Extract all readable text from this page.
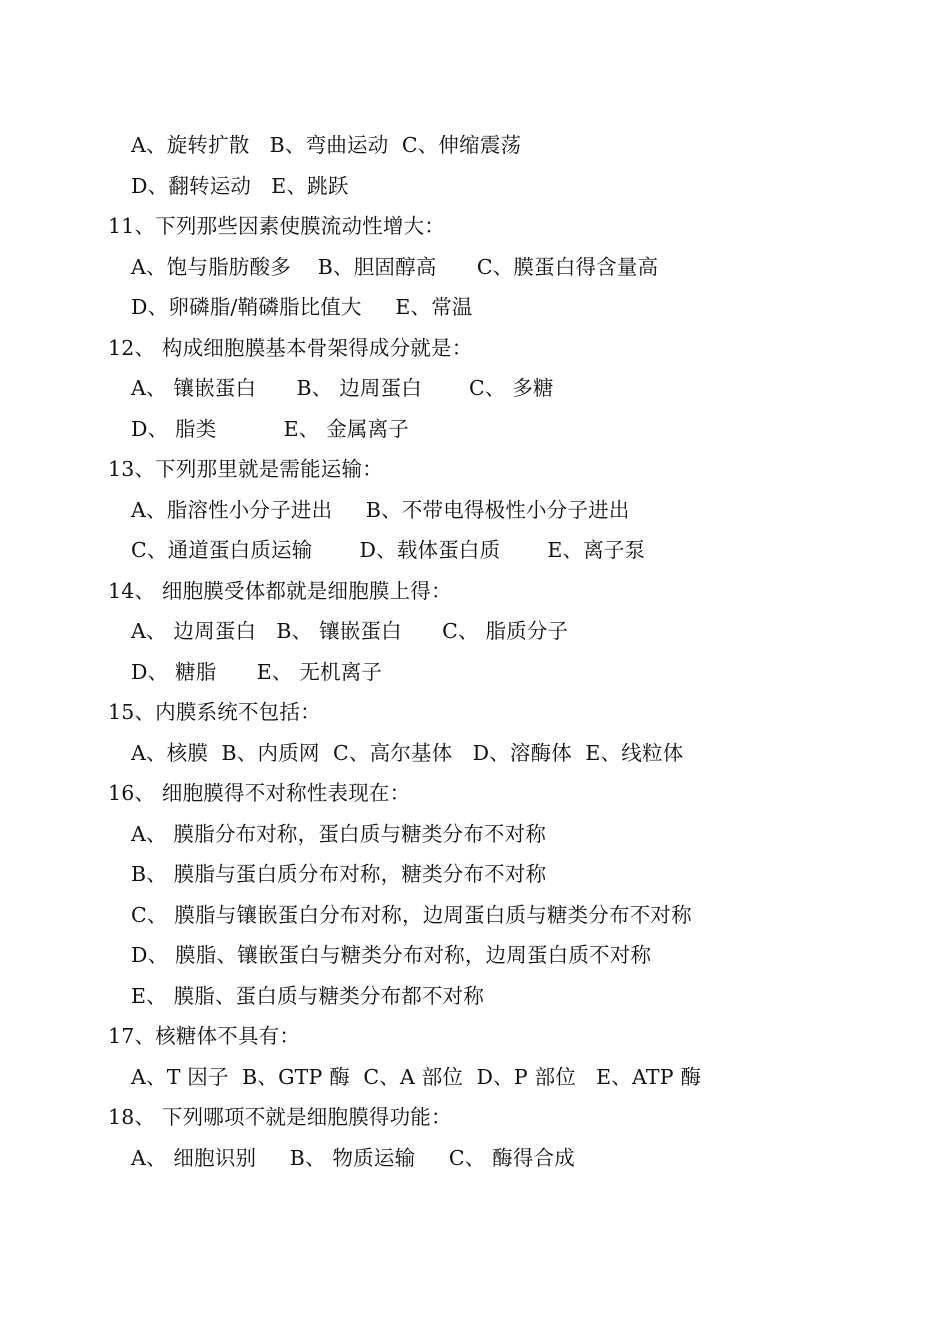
A、旋转扩散   B、弯曲运动  C、伸缩震荡
D、翻转运动   E、跳跃
11、下列那些因素使膜流动性增大：
A、饱与脂肪酸多    B、胆固醇高      C、膜蛋白得含量高
D、卵磷脂/鞘磷脂比值大     E、常温
12、 构成细胞膜基本骨架得成分就是：
A、 镶嵌蛋白      B、 边周蛋白       C、 多糖
D、 脂类          E、 金属离子
13、下列那里就是需能运输：
A、脂溶性小分子进出     B、不带电得极性小分子进出
C、通道蛋白质运输       D、载体蛋白质       E、离子泵
14、 细胞膜受体都就是细胞膜上得：
A、 边周蛋白   B、 镶嵌蛋白      C、 脂质分子
D、 糖脂      E、 无机离子
15、内膜系统不包括：
A、核膜  B、内质网  C、高尔基体   D、溶酶体  E、线粒体
16、 细胞膜得不对称性表现在：
A、 膜脂分布对称，蛋白质与糖类分布不对称
B、 膜脂与蛋白质分布对称，糖类分布不对称
C、 膜脂与镶嵌蛋白分布对称，边周蛋白质与糖类分布不对称
D、 膜脂、镶嵌蛋白与糖类分布对称，边周蛋白质不对称
E、 膜脂、蛋白质与糖类分布都不对称
17、核糖体不具有：
A、T 因子  B、GTP 酶  C、A 部位  D、P 部位   E、ATP 酶
18、 下列哪项不就是细胞膜得功能：
A、 细胞识别     B、 物质运输     C、 酶得合成
